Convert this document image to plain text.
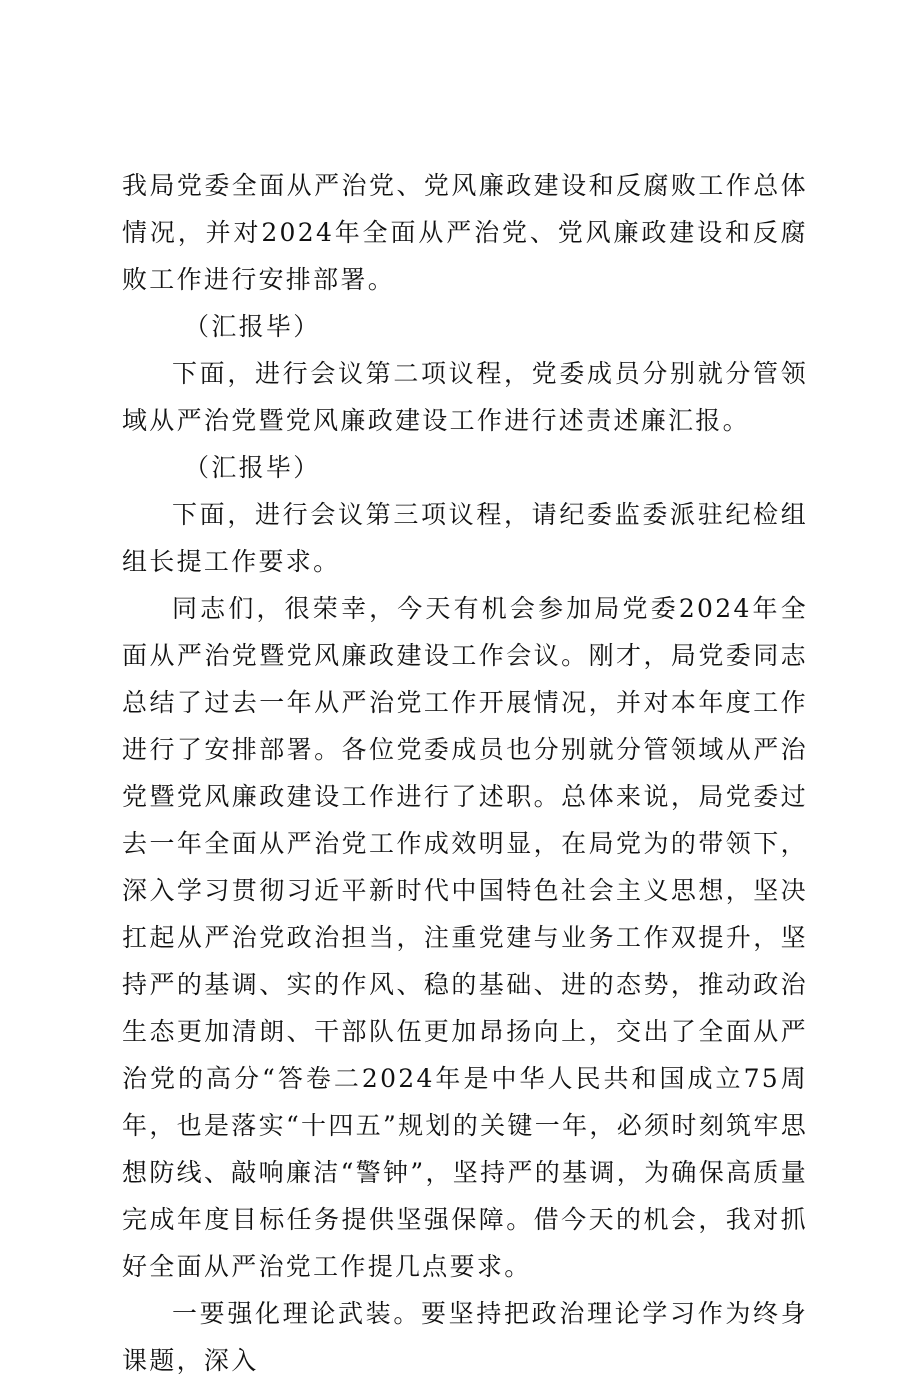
我局党委全面从严治党、党风廉政建设和反腐败工作总体情况，并对2024年全面从严治党、党风廉政建设和反腐败工作进行安排部署。

（汇报毕）

下面，进行会议第二项议程，党委成员分别就分管领域从严治党暨党风廉政建设工作进行述责述廉汇报。

（汇报毕）

下面，进行会议第三项议程，请纪委监委派驻纪检组组长提工作要求。

同志们，很荣幸，今天有机会参加局党委2024年全面从严治党暨党风廉政建设工作会议。刚才，局党委同志总结了过去一年从严治党工作开展情况，并对本年度工作进行了安排部署。各位党委成员也分别就分管领域从严治党暨党风廉政建设工作进行了述职。总体来说，局党委过去一年全面从严治党工作成效明显，在局党为的带领下，深入学习贯彻习近平新时代中国特色社会主义思想，坚决扛起从严治党政治担当，注重党建与业务工作双提升，坚持严的基调、实的作风、稳的基础、进的态势，推动政治生态更加清朗、干部队伍更加昂扬向上，交出了全面从严治党的高分“答卷二2024年是中华人民共和国成立75周年，也是落实“十四五”规划的关键一年，必须时刻筑牢思想防线、敲响廉洁“警钟”，坚持严的基调，为确保高质量完成年度目标任务提供坚强保障。借今天的机会，我对抓好全面从严治党工作提几点要求。

一要强化理论武装。要坚持把政治理论学习作为终身课题，深入
